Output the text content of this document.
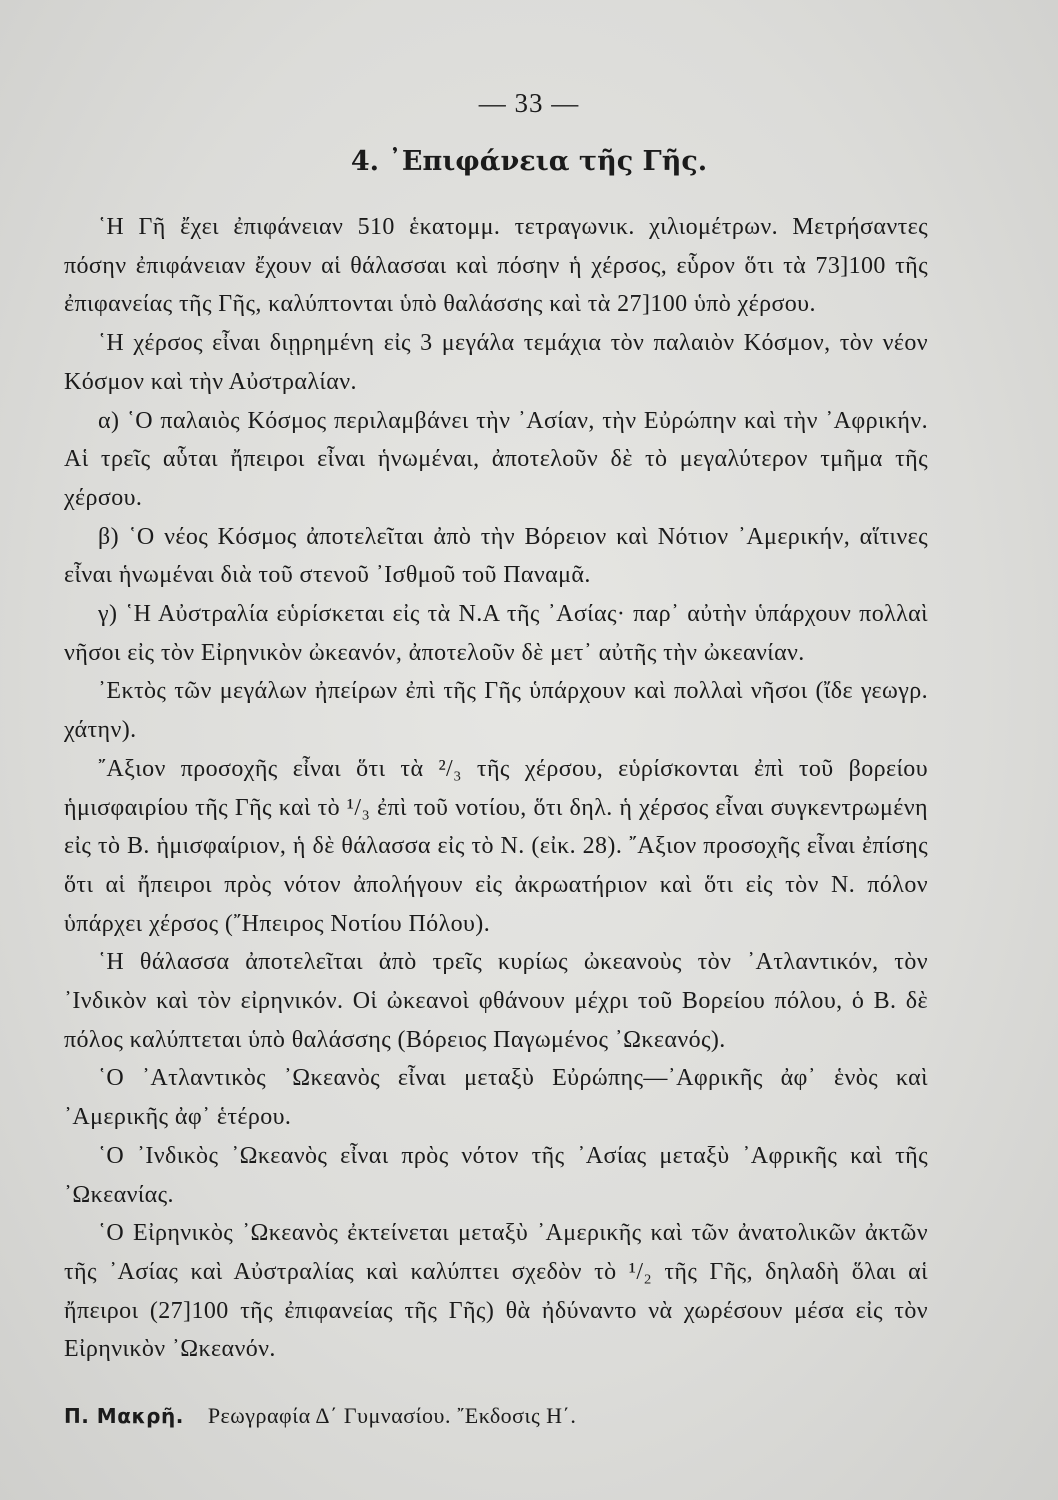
— 33 —
4. ᾿Επιφάνεια τῆς Γῆς.

῾Η Γῆ ἔχει ἐπιφάνειαν 510 ἑκατομμ. τετραγωνικ. χιλιομέτρων. Μετρήσαντες πόσην ἐπιφάνειαν ἔχουν αἱ θάλασσαι καὶ πόσην ἡ χέρσος, εὗρον ὅτι τὰ 73]100 τῆς ἐπιφανείας τῆς Γῆς, καλύπτονται ὑπὸ θαλάσσης καὶ τὰ 27]100 ὑπὸ χέρσου.

῾Η χέρσος εἶναι διῃρημένη εἰς 3 μεγάλα τεμάχια τὸν παλαιὸν Κόσμον, τὸν νέον Κόσμον καὶ τὴν Αὐστραλίαν.

α) ῾Ο παλαιὸς Κόσμος περιλαμβάνει τὴν ᾿Ασίαν, τὴν Εὐρώπην καὶ τὴν ᾿Αφρικήν. Αἱ τρεῖς αὗται ἤπειροι εἶναι ἡνωμέναι, ἀποτελοῦν δὲ τὸ μεγαλύτερον τμῆμα τῆς χέρσου.

β) ῾Ο νέος Κόσμος ἀποτελεῖται ἀπὸ τὴν Βόρειον καὶ Νότιον ᾿Αμερικήν, αἵτινες εἶναι ἡνωμέναι διὰ τοῦ στενοῦ ᾿Ισθμοῦ τοῦ Παναμᾶ.

γ) ῾Η Αὐστραλία εὑρίσκεται εἰς τὰ Ν.Α τῆς ᾿Ασίας· παρ᾿ αὐτὴν ὑπάρχουν πολλαὶ νῆσοι εἰς τὸν Εἰρηνικὸν ὠκεανόν, ἀποτελοῦν δὲ μετ᾿ αὐτῆς τὴν ὠκεανίαν.

᾿Εκτὸς τῶν μεγάλων ἠπείρων ἐπὶ τῆς Γῆς ὑπάρχουν καὶ πολλαὶ νῆσοι (ἴδε γεωγρ. χάτην).

῎Αξιον προσοχῆς εἶναι ὅτι τὰ ²/₃ τῆς χέρσου, εὑρίσκονται ἐπὶ τοῦ βορείου ἡμισφαιρίου τῆς Γῆς καὶ τὸ ¹/₃ ἐπὶ τοῦ νοτίου, ὅτι δηλ. ἡ χέρσος εἶναι συγκεντρωμένη εἰς τὸ Β. ἡμισφαίριον, ἡ δὲ θάλασσα εἰς τὸ Ν. (εἰκ. 28). ῎Αξιον προσοχῆς εἶναι ἐπίσης ὅτι αἱ ἤπειροι πρὸς νότον ἀπολήγουν εἰς ἀκρωατήριον καὶ ὅτι εἰς τὸν Ν. πόλον ὑπάρχει χέρσος (῎Ηπειρος Νοτίου Πόλου).

῾Η θάλασσα ἀποτελεῖται ἀπὸ τρεῖς κυρίως ὠκεανοὺς τὸν ᾿Ατλαντικόν, τὸν ᾿Ινδικὸν καὶ τὸν εἰρηνικόν. Οἱ ὠκεανοὶ φθάνουν μέχρι τοῦ Βορείου πόλου, ὁ Β. δὲ πόλος καλύπτεται ὑπὸ θαλάσσης (Βόρειος Παγωμένος ᾿Ωκεανός).

῾Ο ᾿Ατλαντικὸς ᾿Ωκεανὸς εἶναι μεταξὺ Εὐρώπης—᾿Αφρικῆς ἀφ᾿ ἑνὸς καὶ ᾿Αμερικῆς ἀφ᾿ ἑτέρου.

῾Ο ᾿Ινδικὸς ᾿Ωκεανὸς εἶναι πρὸς νότον τῆς ᾿Ασίας μεταξὺ ᾿Αφρικῆς καὶ τῆς ᾿Ωκεανίας.

῾Ο Εἰρηνικὸς ᾿Ωκεανὸς ἐκτείνεται μεταξὺ ᾿Αμερικῆς καὶ τῶν ἀνατολικῶν ἀκτῶν τῆς ᾿Ασίας καὶ Αὐστραλίας καὶ καλύπτει σχεδὸν τὸ ¹/₂ τῆς Γῆς, δηλαδὴ ὅλαι αἱ ἤπειροι (27]100 τῆς ἐπιφανείας τῆς Γῆς) θὰ ἠδύναντο νὰ χωρέσουν μέσα εἰς τὸν Εἰρηνικὸν ᾿Ωκεανόν.

Π. Μακρῆ. Ρεωγραφία Δ΄ Γυμνασίου. ῎Εκδοσις Η΄.
